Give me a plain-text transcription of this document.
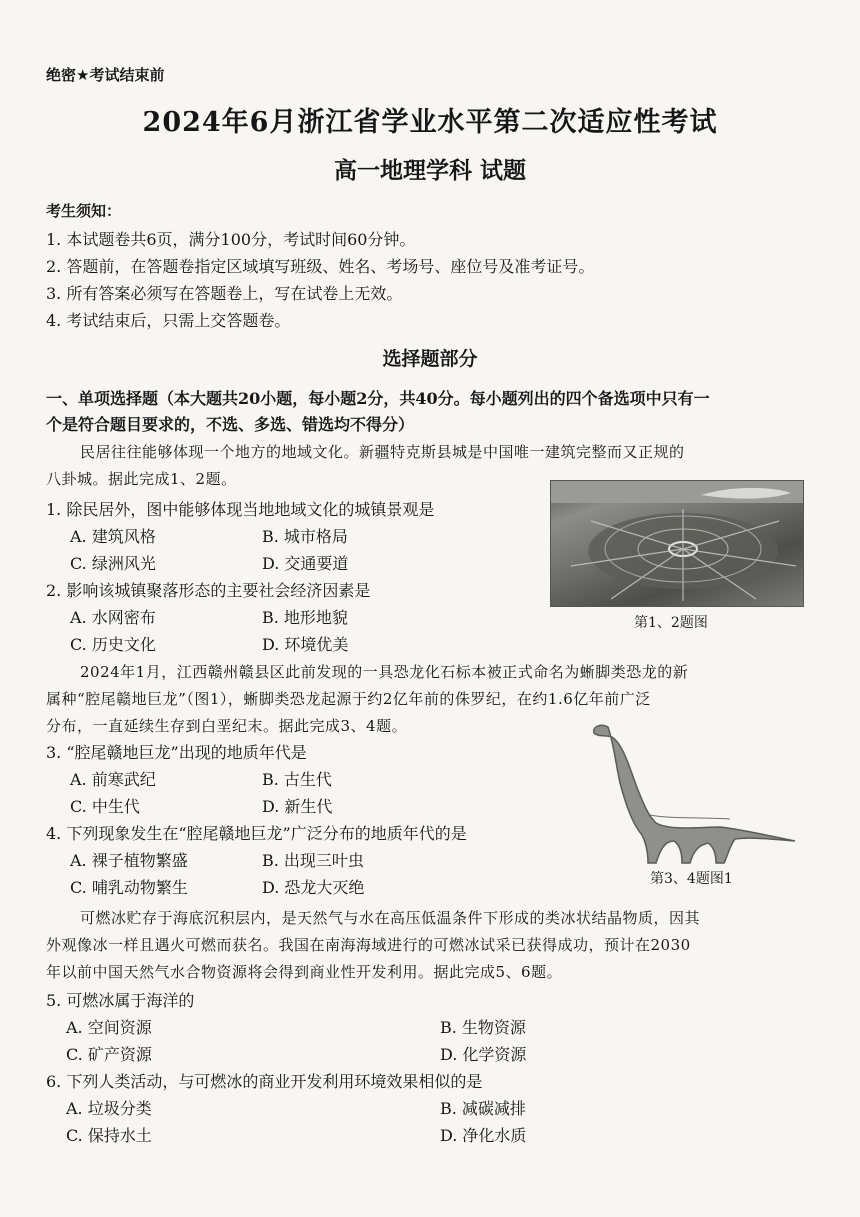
绝密★考试结束前
2024年6月浙江省学业水平第二次适应性考试
高一地理学科 试题
考生须知：
1. 本试题卷共6页，满分100分，考试时间60分钟。
2. 答题前，在答题卷指定区域填写班级、姓名、考场号、座位号及准考证号。
3. 所有答案必须写在答题卷上，写在试卷上无效。
4. 考试结束后，只需上交答题卷。
选择题部分
一、单项选择题（本大题共20小题，每小题2分，共40分。每小题列出的四个备选项中只有一
个是符合题目要求的，不选、多选、错选均不得分）
民居往往能够体现一个地方的地域文化。新疆特克斯县城是中国唯一建筑完整而又正规的
八卦城。据此完成1、2题。
第1、2题图
1. 除民居外，图中能够体现当地地域文化的城镇景观是
A. 建筑风格	B. 城市格局
C. 绿洲风光	D. 交通要道
2. 影响该城镇聚落形态的主要社会经济因素是
A. 水网密布	B. 地形地貌
C. 历史文化	D. 环境优美
2024年1月，江西赣州赣县区此前发现的一具恐龙化石标本被正式命名为蜥脚类恐龙的新
属种“腔尾赣地巨龙”（图1），蜥脚类恐龙起源于约2亿年前的侏罗纪，在约1.6亿年前广泛
分布，一直延续生存到白垩纪末。据此完成3、4题。
第3、4题图1
3. “腔尾赣地巨龙”出现的地质年代是
A. 前寒武纪	B. 古生代
C. 中生代	D. 新生代
4. 下列现象发生在“腔尾赣地巨龙”广泛分布的地质年代的是
A. 裸子植物繁盛	B. 出现三叶虫
C. 哺乳动物繁生	D. 恐龙大灭绝
可燃冰贮存于海底沉积层内，是天然气与水在高压低温条件下形成的类冰状结晶物质，因其
外观像冰一样且遇火可燃而获名。我国在南海海域进行的可燃冰试采已获得成功，预计在2030
年以前中国天然气水合物资源将会得到商业性开发利用。据此完成5、6题。
5. 可燃冰属于海洋的
A. 空间资源	B. 生物资源
C. 矿产资源	D. 化学资源
6. 下列人类活动，与可燃冰的商业开发利用环境效果相似的是
A. 垃圾分类	B. 减碳减排
C. 保持水土	D. 净化水质
